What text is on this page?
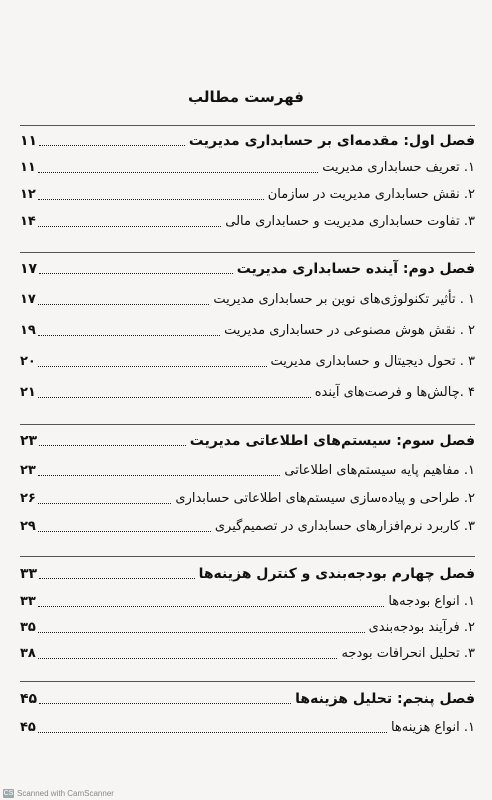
فهرست مطالب
فصل اول: مقدمه‌ای بر حسابداری مدیریت
۱۱
۱. تعریف حسابداری مدیریت
۱۱
۲. نقش حسابداری مدیریت در سازمان
۱۲
۳. تفاوت حسابداری مدیریت و حسابداری مالی
۱۴
فصل دوم: آینده حسابداری مدیریت
۱۷
۱ . تأثیر تکنولوژی‌های نوین بر حسابداری مدیریت
۱۷
۲ . نقش هوش مصنوعی در حسابداری مدیریت
۱۹
۳ . تحول دیجیتال و حسابداری مدیریت
۲۰
۴ .چالش‌ها و فرصت‌های آینده
۲۱
فصل سوم: سیستم‌های اطلاعاتی مدیریت
۲۳
۱. مفاهیم پایه سیستم‌های اطلاعاتی
۲۳
۲. طراحی و پیاده‌سازی سیستم‌های اطلاعاتی حسابداری
۲۶
۳. کاربرد نرم‌افزارهای حسابداری در تصمیم‌گیری
۲۹
فصل چهارم بودجه‌بندی و کنترل هزینه‌ها
۳۳
۱. انواع بودجه‌ها
۳۳
۲. فرآیند بودجه‌بندی
۳۵
۳. تحلیل انحرافات بودجه
۳۸
فصل پنجم: تحلیل هزینه‌ها
۴۵
۱. انواع هزینه‌ها
۴۵
CS Scanned with CamScanner
